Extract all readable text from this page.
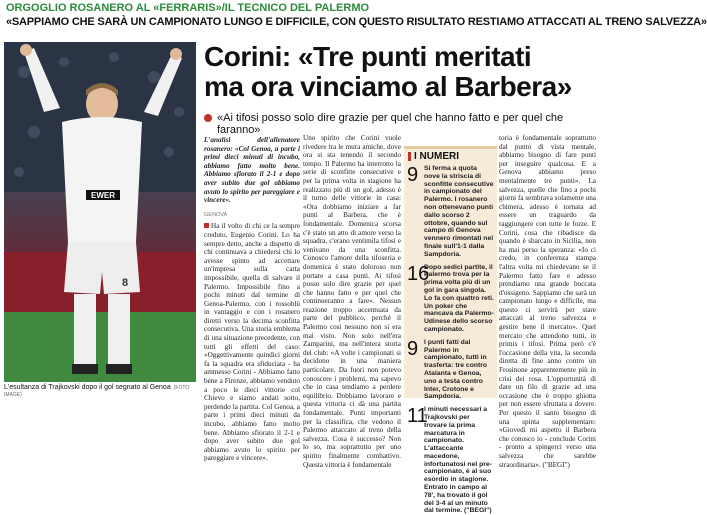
ORGOGLIO ROSANERO AL «FERRARIS»/IL TECNICO DEL PALERMO
«SAPPIAMO CHE SARÀ UN CAMPIONATO LUNGO E DIFFICILE, CON QUESTO RISULTATO RESTIAMO ATTACCATI AL TRENO SALVEZZA»
EWER
8
L'esultanza di Trajkovski dopo il gol segnato al Genoa (FOTO IMAGE)
Corini: «Tre punti meritati
ma ora vinciamo al Barbera»
«Ai tifosi posso solo dire grazie per quel che hanno fatto e per quel che faranno»

L'analisi dell'allenatore rosanero: «Col Genoa, a parte i primi dieci minuti di incubo, abbiamo fatto molto bene. Abbiamo sfiorato il 2-1 e dopo aver subito due gol abbiamo avuto lo spirito per pareggiare e vincere».

GENOVA

Ha il volto di chi ce la sempre creduto, Eugenio Corini. Lo ha sempre detto, anche a dispetto di chi continuava a chiedersi chi lo avesse spinto ad accettare un'impresa sulla carta impossibile, quella di salvare il Palermo. Impossibile fino a pochi minuti dal termine di Genoa-Palermo, con i rossoblù in vantaggio e con i rosanero diretti verso la decima sconfitta consecutiva. Una storia emblema di una situazione precedente, con tutti gli effetti del caso: «Oggettivamente quindici giorni fa la squadra era sfiduciata - ha ammesso Corini - Abbiamo fatto bene a Firenze, abbiamo venduto a poco le dieci vittorie col Chievo e siamo andati sotto, perdendo la partita. Col Genoa, a parte i primi dieci minuti da incubo, abbiamo fatto molto bene. Abbiamo sfiorato il 2-1 e dopo aver subito due gol abbiamo avuto lo spirito per pareggiare e vincere».

Uno spirito che Corini vuole rivedere tra le mura amiche, dove ora si sta tenendo il secondo tempo. Il Palermo ha interrotto la serie di sconfitte consecutive e per la prima volta in stagione ha realizzato più di un gol, adesso è il turno delle vittorie in casa: «Ora dobbiamo iniziare a far punti al Barbera, che è fondamentale. Domenica scorsa c'è stato un atto di amore verso la squadra, c'erano ventimila tifosi e venivano da una sconfitta. Conosco l'amore della tifoseria e domenica è stato doloroso non portare a casa punti. Ai tifosi posso solo dire grazie per quel che hanno fatto e per quel che continueranno a fare». Nessun reazione troppo accentuata da parte del pubblico, perché il Palermo così nessuno non si era mai visto. Non solo nell'era Zamparini, ma nell'intera storia del club: «A volte i campionati si decidono in una maniera particolare. Da fuori non potevo conoscere i problemi, ma sapevo che in casa tendiamo a perdere equilibrio. Dobbiamo lavorare e questa vittoria ci dà una partita fondamentale. Punti importanti per la classifica, che vedono il Palermo attaccato al treno della salvezza. Cosa è successo? Non lo so, ma soprattutto per uno spirito finalmente combattivo. Questa vittoria è fondamentale

I NUMERI
9 Si ferma a quota nove la striscia di sconfitte consecutive in campionato del Palermo. I rosanero non ottenevano punti dallo scorso 2 ottobre, quando sul campo di Genova vennero rimontati nel finale sull'1-1 dalla Sampdoria.
16
Dopo sedici partite, il Palermo trova per la prima volta più di un gol in gara singola. Lo fa con quattro reti. Un poker che mancava da Palermo-Udinese dello scorso campionato.
9 I punti fatti dal Palermo in campionato, tutti in trasferta: tre contro Atalanta e Genoa, uno a testa contro Inter, Crotone e Sampdoria.
11
I minuti necessari a Trajkovski per trovare la prima marcatura in campionato. L'attaccante macedone, infortunatosi nel pre-campionato, è al suo esordio in stagione. Entrato in campo al 78', ha trovato il gol del 3-4 al un minuto dal termine. ("BEGI")

toria è fondamentale soprattutto dal punto di vista mentale, abbiamo bisogno di fare punti per inseguire qualcosa. E a Genova abbiamo preso mentalmente tre punti». La salvezza, quelle che fino a pochi giorni fa sembrava solamente una chimera, adesso è tornata ad essere un traguardo da raggiungere con tutte le forze. E Corini, cosa che ribadisce da quando è sbarcato in Sicilia, non ha mai perso la speranza: «Io ci credo, in conferenza stampa l'altra volta mi chiedevano se il Palermo fatto fare e adesso prendiamo una grande boccata d'ossigeno. Sappiamo che sarà un campionato lungo e difficile, ma questo ci servirà per stare attaccati al treno salvezza e gestire bene il mercato». Quel mercato che attendono tutti, in primis i tifosi. Prima però c'è l'occasione della vita, la seconda diretta di fine anno contro un Frosinone apparentemente più in crisi dei rosa. L'opportunità di dare un filo di grazie ad una occasione che è troppo ghiotta per non essere sfruttata a dovere. Per questo il santo bisogno di una spinta supplementare: «Giovedì mi aspetto il Barbera che conosco io - conclude Corini - pronto a spingerci verso una salvezza che sarebbe straordinaria». ("BEGI")
